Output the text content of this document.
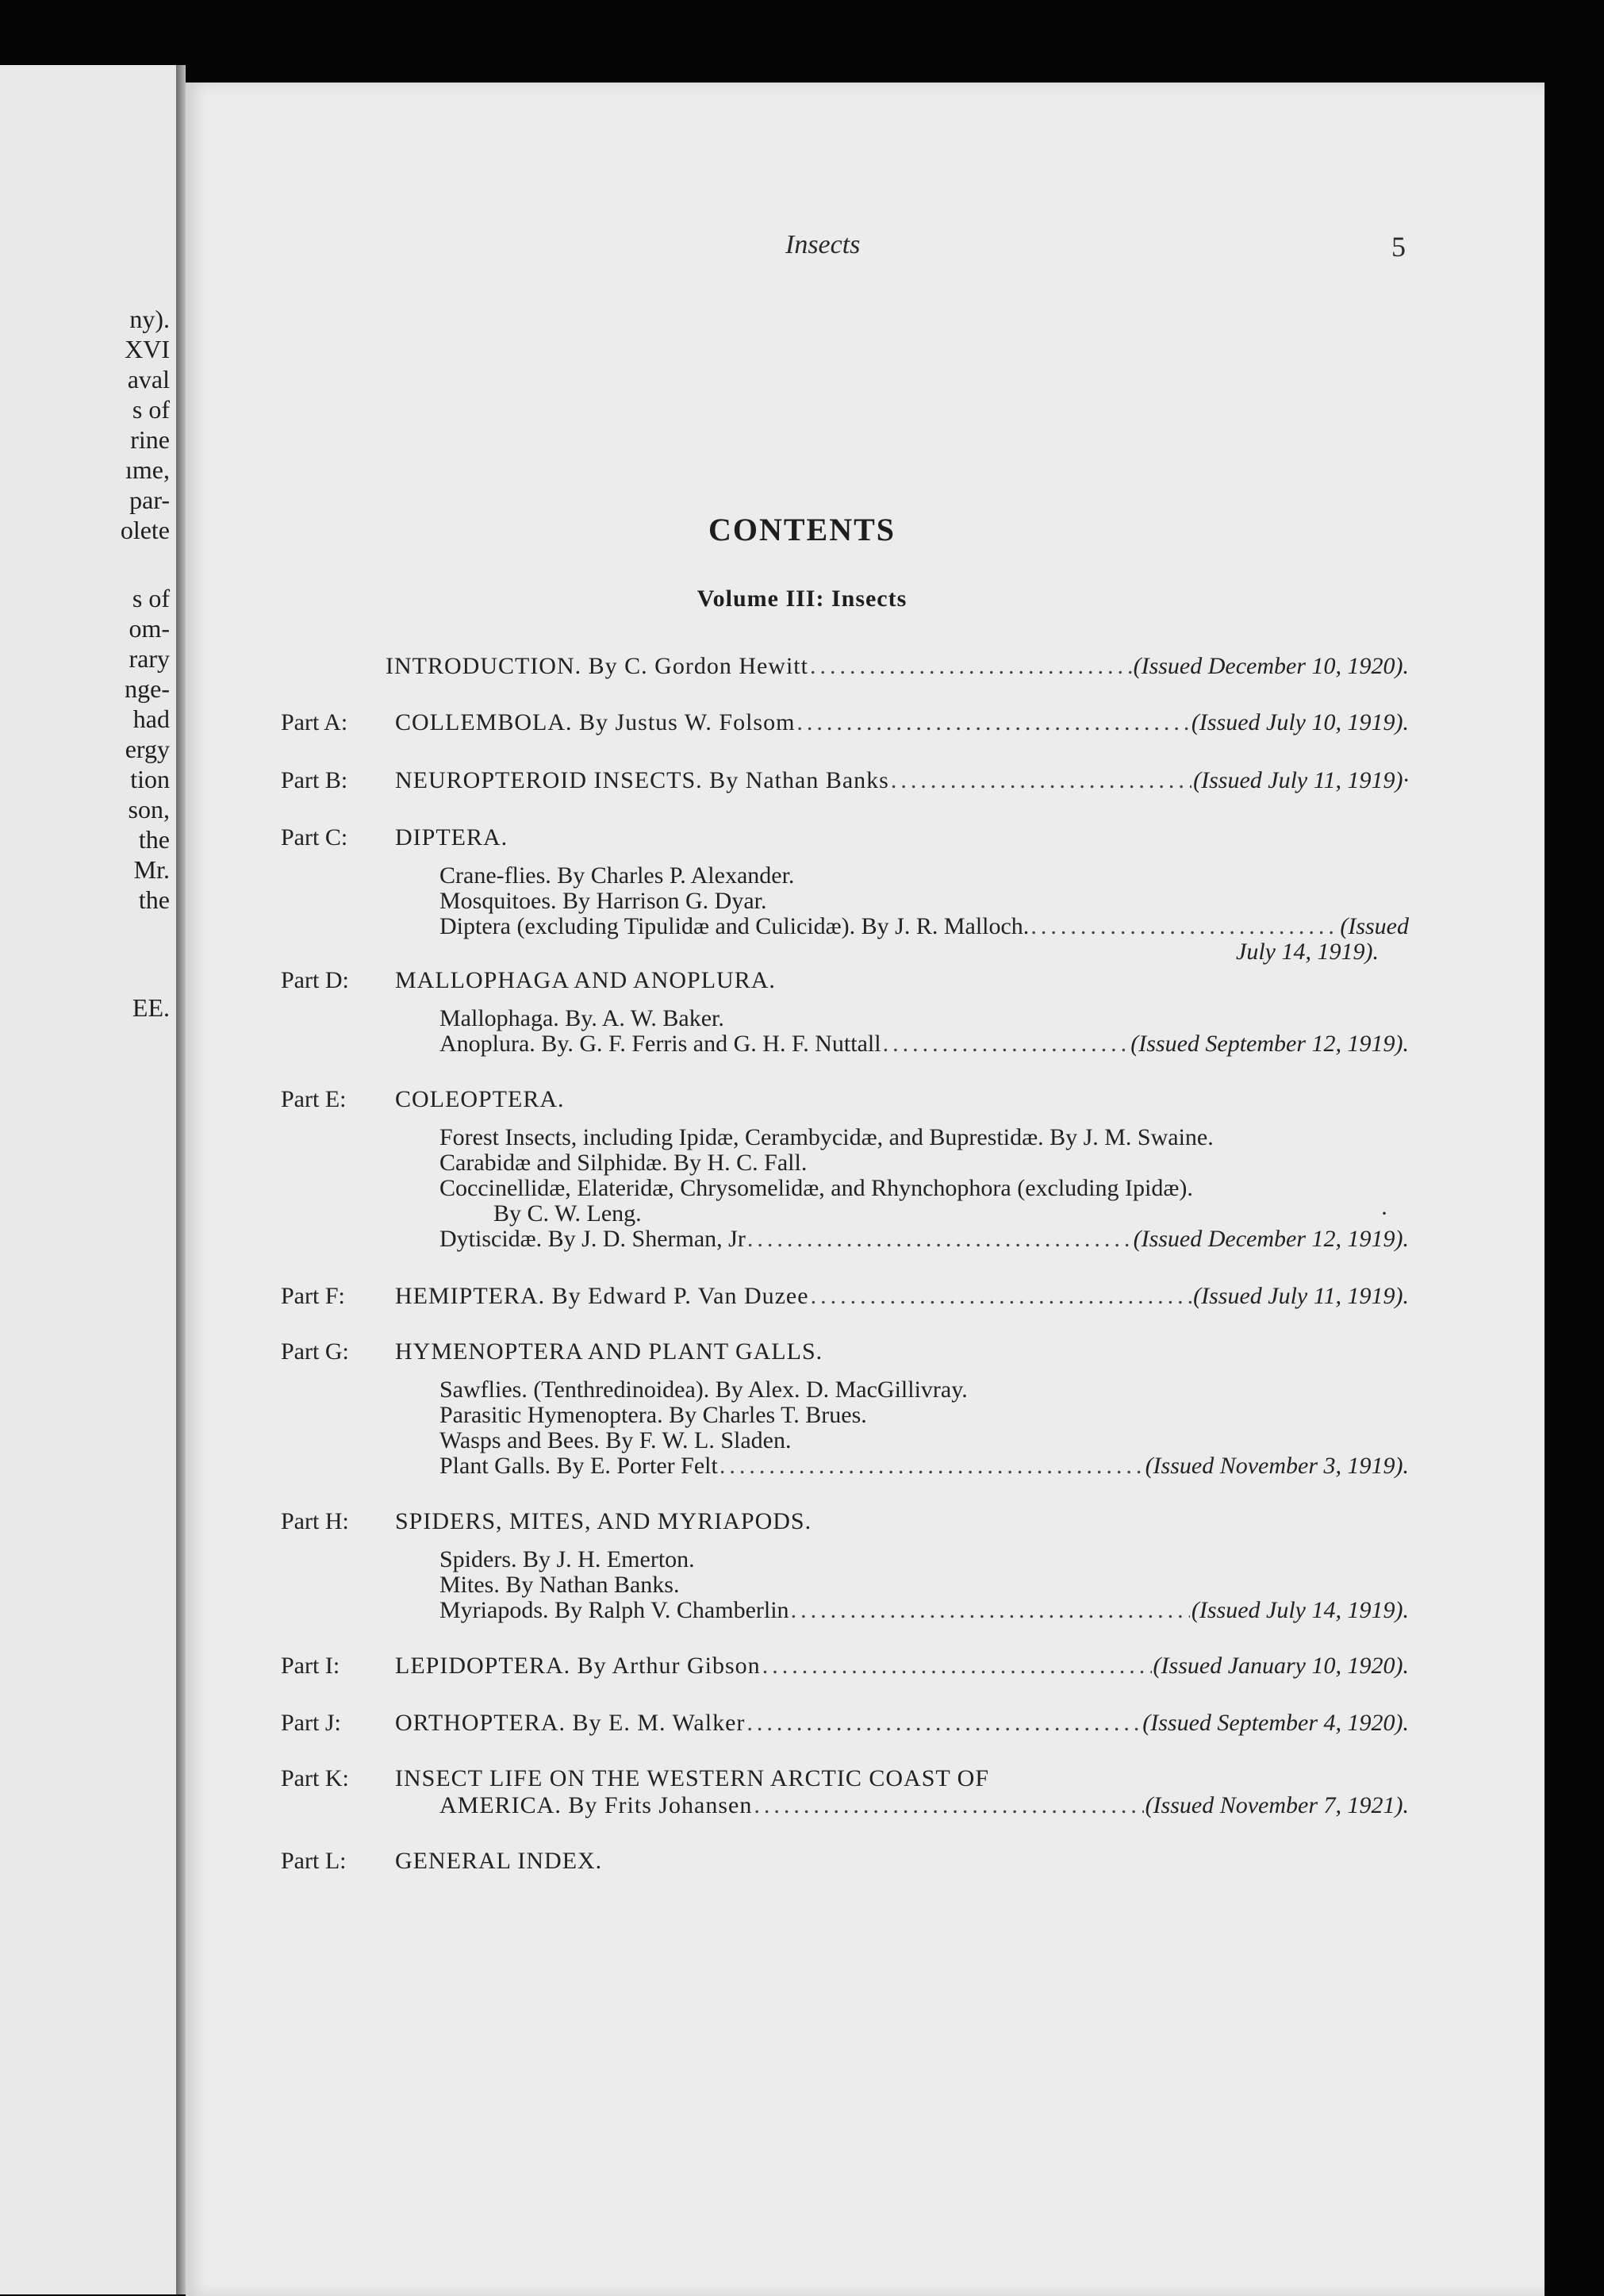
ny).
XVI
aval
s of
rine
ıme,
par-
olete
s of
om-
rary
nge-
had
ergy
tion
son,
the
Mr.
the
EE.
Insects	5
CONTENTS
Volume III: Insects
INTRODUCTION. By C. Gordon Hewitt .....	(Issued December 10, 1920).
Part A: COLLEMBOLA. By Justus W. Folsom .....	(Issued July 10, 1919).
Part B: NEUROPTEROID INSECTS. By Nathan Banks .....	(Issued July 11, 1919)·
Part C: DIPTERA.
Crane-flies. By Charles P. Alexander.
Mosquitoes. By Harrison G. Dyar.
Diptera (excluding Tipulidæ and Culicidæ). By J. R. Malloch. .....	(Issued
July 14, 1919).
Part D: MALLOPHAGA AND ANOPLURA.
Mallophaga. By. A. W. Baker.
Anoplura. By. G. F. Ferris and G. H. F. Nuttall .....	(Issued September 12, 1919).
Part E: COLEOPTERA.
Forest Insects, including Ipidæ, Cerambycidæ, and Buprestidæ. By J. M. Swaine.
Carabidæ and Silphidæ. By H. C. Fall.
Coccinellidæ, Elateridæ, Chrysomelidæ, and Rhynchophora (excluding Ipidæ).
By C. W. Leng.	·
Dytiscidæ. By J. D. Sherman, Jr .....	(Issued December 12, 1919).
Part F: HEMIPTERA. By Edward P. Van Duzee .....	(Issued July 11, 1919).
Part G: HYMENOPTERA AND PLANT GALLS.
Sawflies. (Tenthredinoidea). By Alex. D. MacGillivray.
Parasitic Hymenoptera. By Charles T. Brues.
Wasps and Bees. By F. W. L. Sladen.
Plant Galls. By E. Porter Felt .....	(Issued November 3, 1919).
Part H: SPIDERS, MITES, AND MYRIAPODS.
Spiders. By J. H. Emerton.
Mites. By Nathan Banks.
Myriapods. By Ralph V. Chamberlin .....	(Issued July 14, 1919).
Part I: LEPIDOPTERA. By Arthur Gibson .....	(Issued January 10, 1920).
Part J: ORTHOPTERA. By E. M. Walker .....	(Issued September 4, 1920).
Part K: INSECT LIFE ON THE WESTERN ARCTIC COAST OF
AMERICA. By Frits Johansen .....	(Issued November 7, 1921).
Part L: GENERAL INDEX.
